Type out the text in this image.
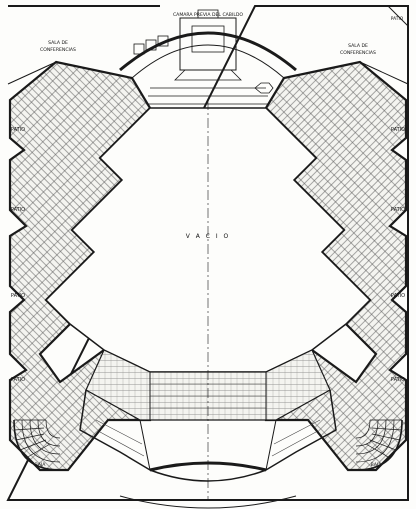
CAMARA PREVIA DEL CABILDO
SALA DE
CONFERENCIAS
SALA DE
CONFERENCIAS
PATIO
V A C I O
PATIO
PATIO
PATIO
PATIO
PATIO
PATIO
PATIO
PATIO
BAJA	BAJA
